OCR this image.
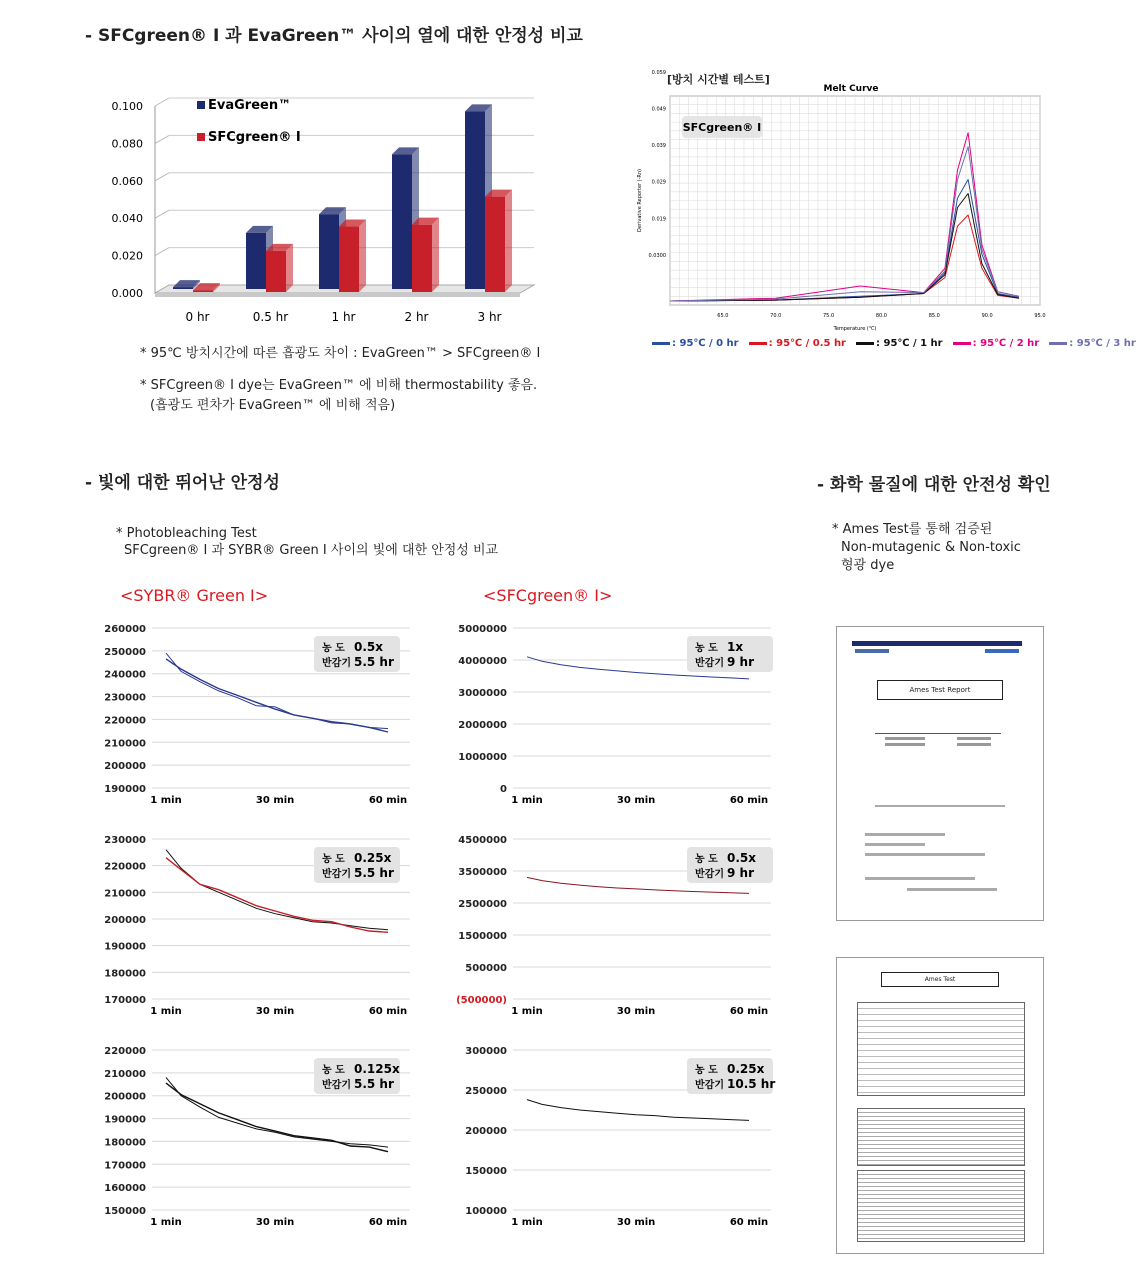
- SFCgreen® I 과 EvaGreen™ 사이의 열에 대한 안정성 비교
0.000
0.020
0.040
0.060
0.080
0.100
0 hr	0.5 hr	1 hr	2 hr	3 hr
EvaGreen™
SFCgreen® I
* 95℃ 방치시간에 따른 흡광도 차이 : EvaGreen™ > SFCgreen® I
* SFCgreen® I dye는 EvaGreen™ 에 비해 thermostability 좋음.
(흡광도 편차가 EvaGreen™ 에 비해 적음)
[방치 시간별 테스트]
Melt Curve
65.0	70.0	75.0	80.0	85.0	90.0	95.0
0.0300
0.019
0.029
0.039
0.049
0.059
Temperature (℃)
Derivative Reporter (-Rn)
SFCgreen® I
: 95℃ / 0 hr	: 95℃ / 0.5 hr	: 95℃ / 1 hr	: 95℃ / 2 hr	: 95℃ / 3 hr
- 빛에 대한 뛰어난 안정성
* Photobleaching Test
SFCgreen® I 과 SYBR® Green I 사이의 빛에 대한 안정성 비교
<SYBR® Green I>	<SFCgreen® I>
190000
200000
210000
220000
230000
240000
250000
260000
1 min	30 min	60 min
농 도 0.5x
반감기 5.5 hr
0
1000000
2000000
3000000
4000000
5000000
1 min	30 min	60 min
농 도 1x
반감기 9 hr
170000
180000
190000
200000
210000
220000
230000
1 min	30 min	60 min
농 도 0.25x
반감기 5.5 hr
(500000)
500000
1500000
2500000
3500000
4500000
1 min	30 min	60 min
농 도 0.5x
반감기 9 hr
150000
160000
170000
180000
190000
200000
210000
220000
1 min	30 min	60 min
농 도 0.125x
반감기 5.5 hr
100000
150000
200000
250000
300000
1 min	30 min	60 min
농 도 0.25x
반감기 10.5 hr
- 화학 물질에 대한 안전성 확인
* Ames Test를 통해 검증된
Non-mutagenic & Non-toxic
형광 dye
Ames Test Report
Ames Test
